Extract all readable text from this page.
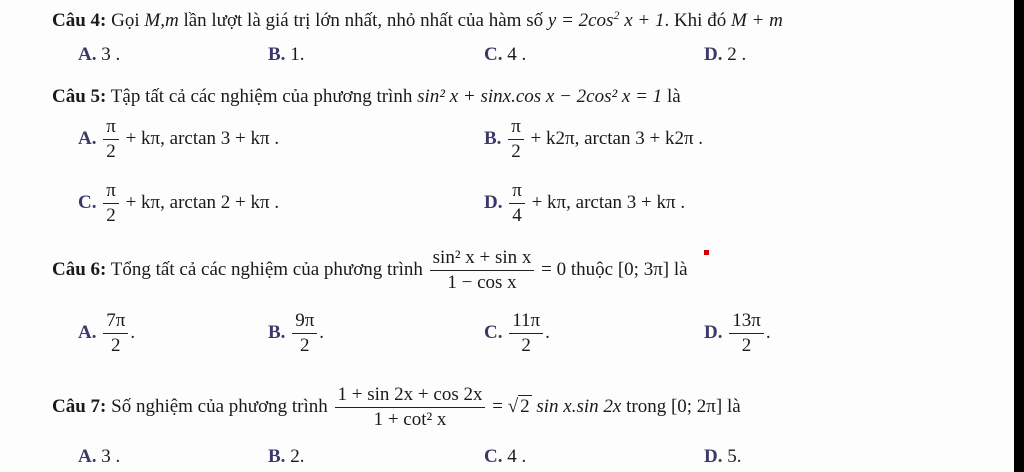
Câu 4: Gọi M,m lần lượt là giá trị lớn nhất, nhỏ nhất của hàm số $y = 2\cos^2$ x + 1. Khi đó M + m
A. 3 .	B. 1.	C. 4 .	D. 2 .
Câu 5: Tập tất cả các nghiệm của phương trình sin² x + sinx.cos x − 2cos² x = 1 là
A. $\frac{\pi}{2} + k\pi$, arctan 3 + kπ .	B. $\frac{\pi}{2} + k2\pi$, arctan 3 + k2π .
C. $\frac{\pi}{2} + k\pi$, arctan 2 + kπ .	D. $\frac{\pi}{4} + k\pi$, arctan 3 + kπ .
Câu 6: Tổng tất cả các nghiệm của phương trình $\frac{\text{sin² x + sin x}}{\text{1 − cos x}} = 0$ thuộc [0; 3π] là
A. $\frac{7\pi}{2}$ .	B. $\frac{9\pi}{2}$ .	C. $\frac{11\pi}{2}$ .	D. $\frac{13\pi}{2}$ .
Câu 7: Số nghiệm của phương trình $\frac{1 + \sin 2x + \cos 2x}{\text{1 + cot² x}}$ = √ 2 sin x.sin 2x trong [0; 2π] là
A. 3 .	B. 2.	C. 4 .	D. 5.
